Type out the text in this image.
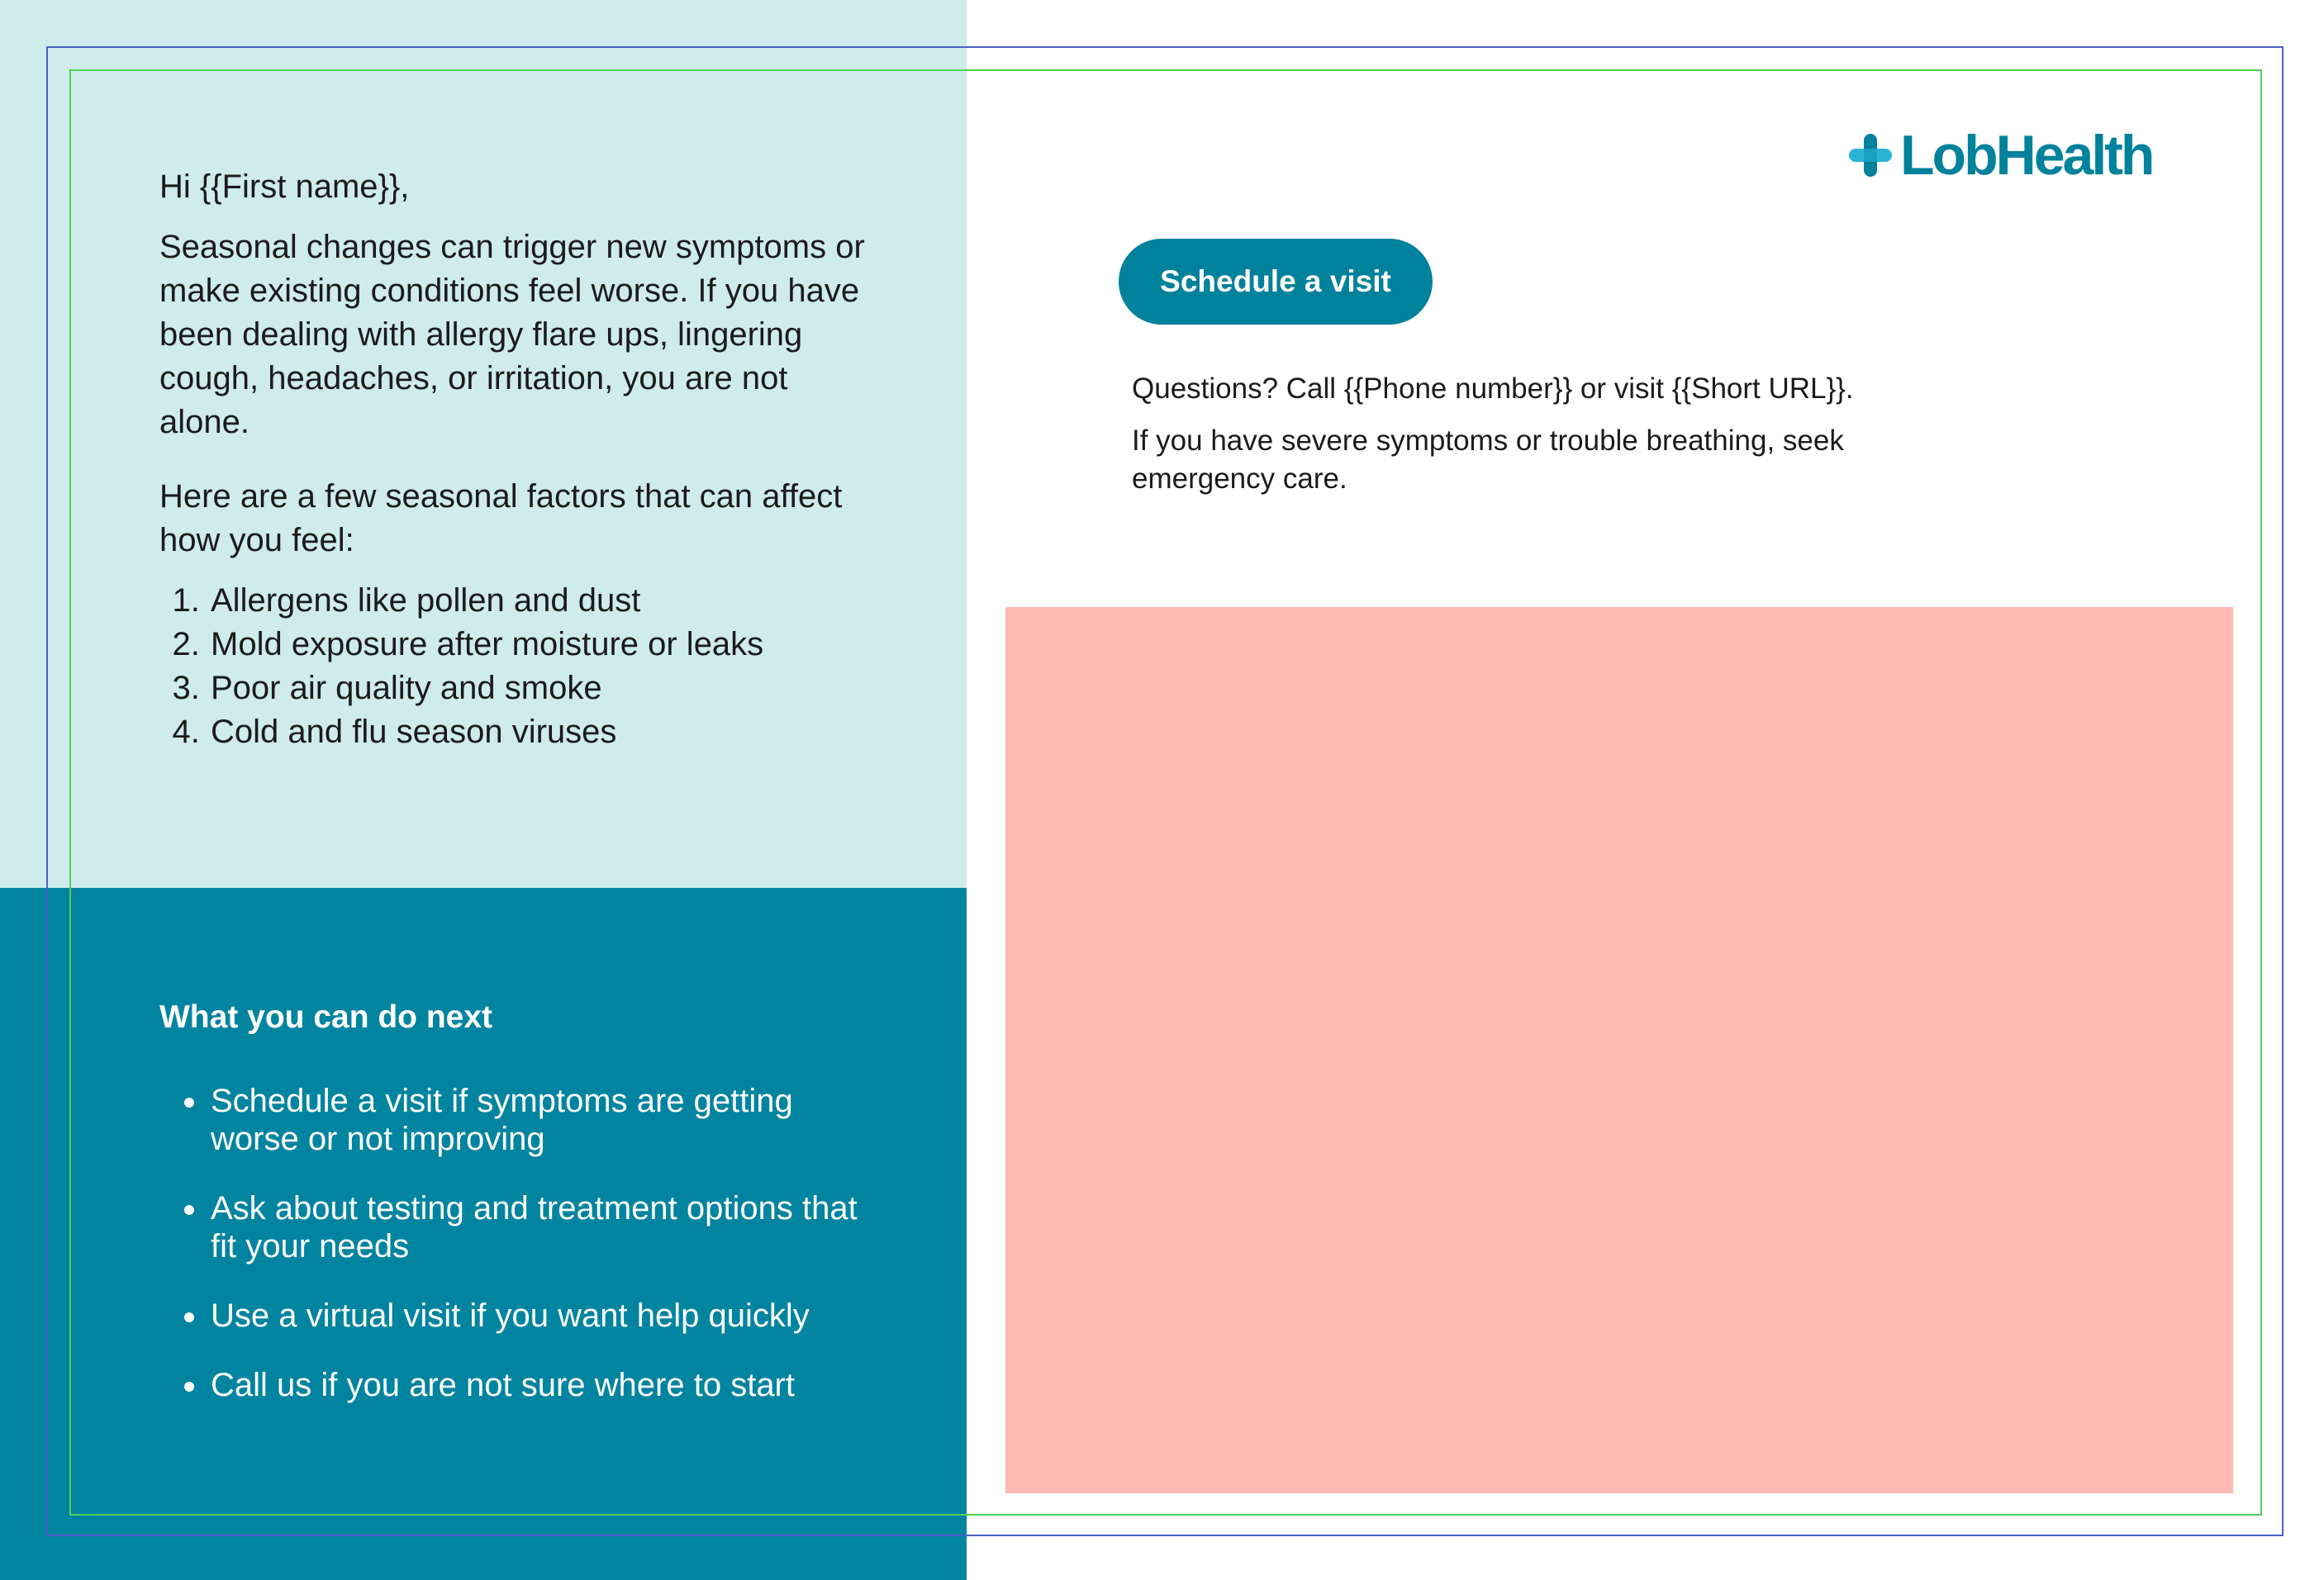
Hi {{First name}},

Seasonal changes can trigger new symptoms or make existing conditions feel worse. If you have been dealing with allergy flare ups, lingering cough, headaches, or irritation, you are not alone.

Here are a few seasonal factors that can affect how you feel:

1. Allergens like pollen and dust
2. Mold exposure after moisture or leaks
3. Poor air quality and smoke
4. Cold and flu season viruses
What you can do next
• Schedule a visit if symptoms are getting worse or not improving
• Ask about testing and treatment options that fit your needs
• Use a virtual visit if you want help quickly
• Call us if you are not sure where to start
LobHealth
Schedule a visit

Questions? Call {{Phone number}} or visit {{Short URL}}.

If you have severe symptoms or trouble breathing, seek emergency care.
